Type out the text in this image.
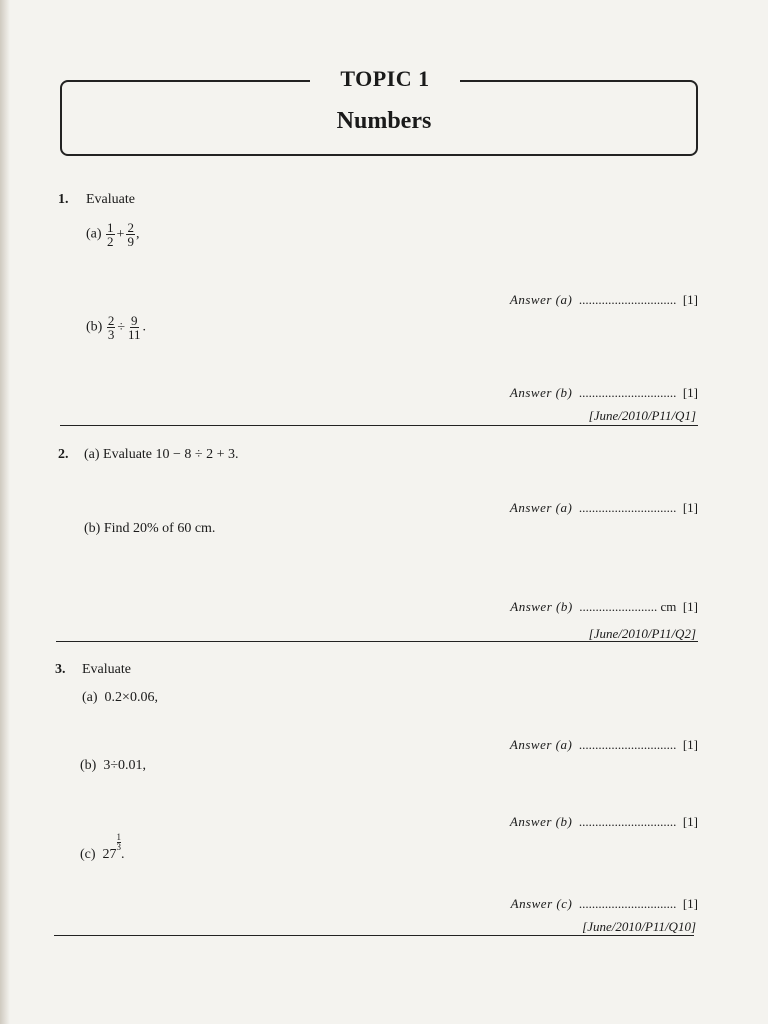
TOPIC 1
Numbers
1. Evaluate
$(a) \frac{1}{2} + \frac{2}{9}$ ,
Answer (a) .............................. [1]
$(b) \frac{2}{3} \div \frac{9}{11}$ .
Answer (b) .............................. [1]
[June/2010/P11/Q1]
2. (a) Evaluate 10 − 8 ÷ 2 + 3.
Answer (a) .............................. [1]
(b) Find 20% of 60 cm.
Answer (b) ........................ cm [1]
[June/2010/P11/Q2]
3. Evaluate
(a) 0.2×0.06,
Answer (a) .............................. [1]
(b) 3÷0.01,
Answer (b) .............................. [1]
(c) 27
$\frac{1}{3}$
.
Answer (c) .............................. [1]
[June/2010/P11/Q10]
